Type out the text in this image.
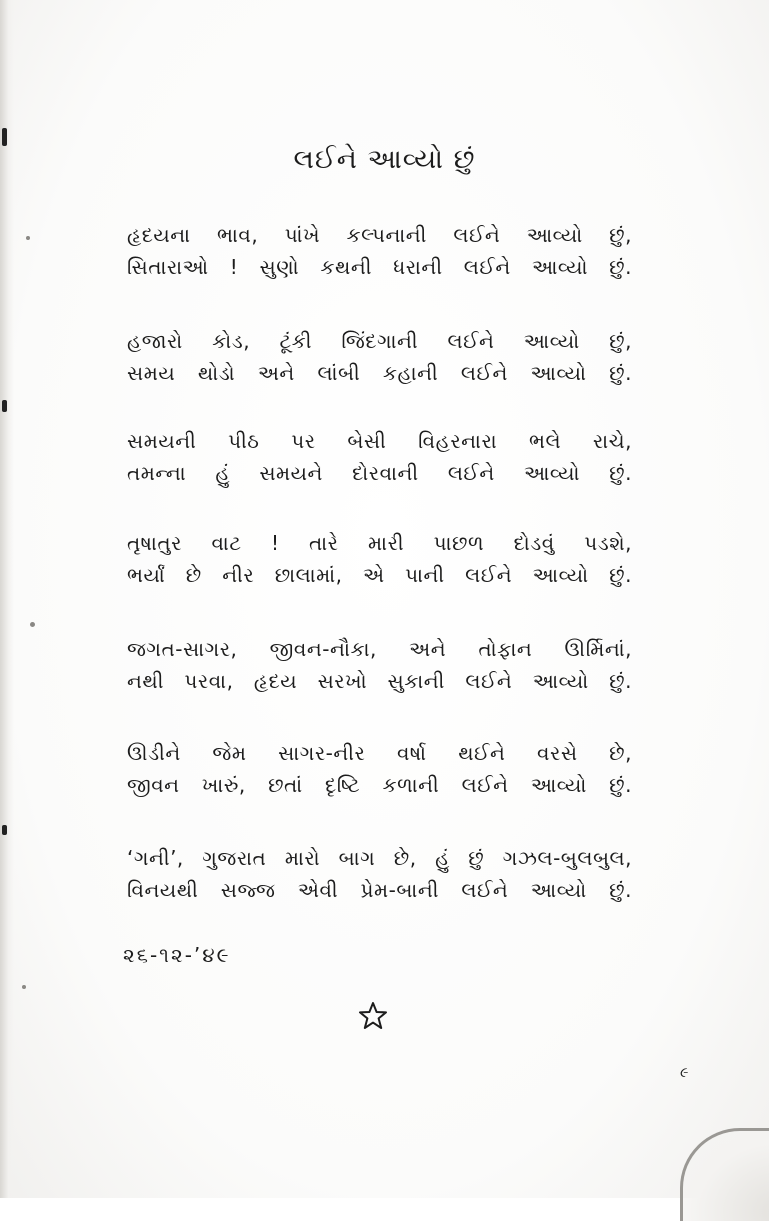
લઈને આવ્યો છું
હૃદયના ભાવ, પાંખે કલ્પનાની લઈને આવ્યો છું,
સિતારાઓ ! સુણો કથની ધરાની લઈને આવ્યો છું.
હજારો કોડ, ટૂંકી જિંદગાની લઈને આવ્યો છું,
સમય થોડો અને લાંબી કહાની લઈને આવ્યો છું.
સમયની પીઠ પર બેસી વિહરનારા ભલે રાચે,
તમન્ના હું સમયને દોરવાની લઈને આવ્યો છું.
તૃષાતુર વાટ ! તારે મારી પાછળ દોડવું પડશે,
ભર્યાં છે નીર છાલામાં, એ પાની લઈને આવ્યો છું.
જગત-સાગર, જીવન-નૌકા, અને તોફાન ઊર્મિનાં,
નથી પરવા, હૃદય સરખો સુકાની લઈને આવ્યો છું.
ઊડીને જેમ સાગર-નીર વર્ષા થઈને વરસે છે,
જીવન ખારું, છતાં દૃષ્ટિ કળાની લઈને આવ્યો છું.
‘ગની’, ગુજરાત મારો બાગ છે, હું છું ગઝલ-બુલબુલ,
વિનયથી સજ્જ એવી પ્રેમ-બાની લઈને આવ્યો છું.
૨૬-૧૨-’૪૯
૯
